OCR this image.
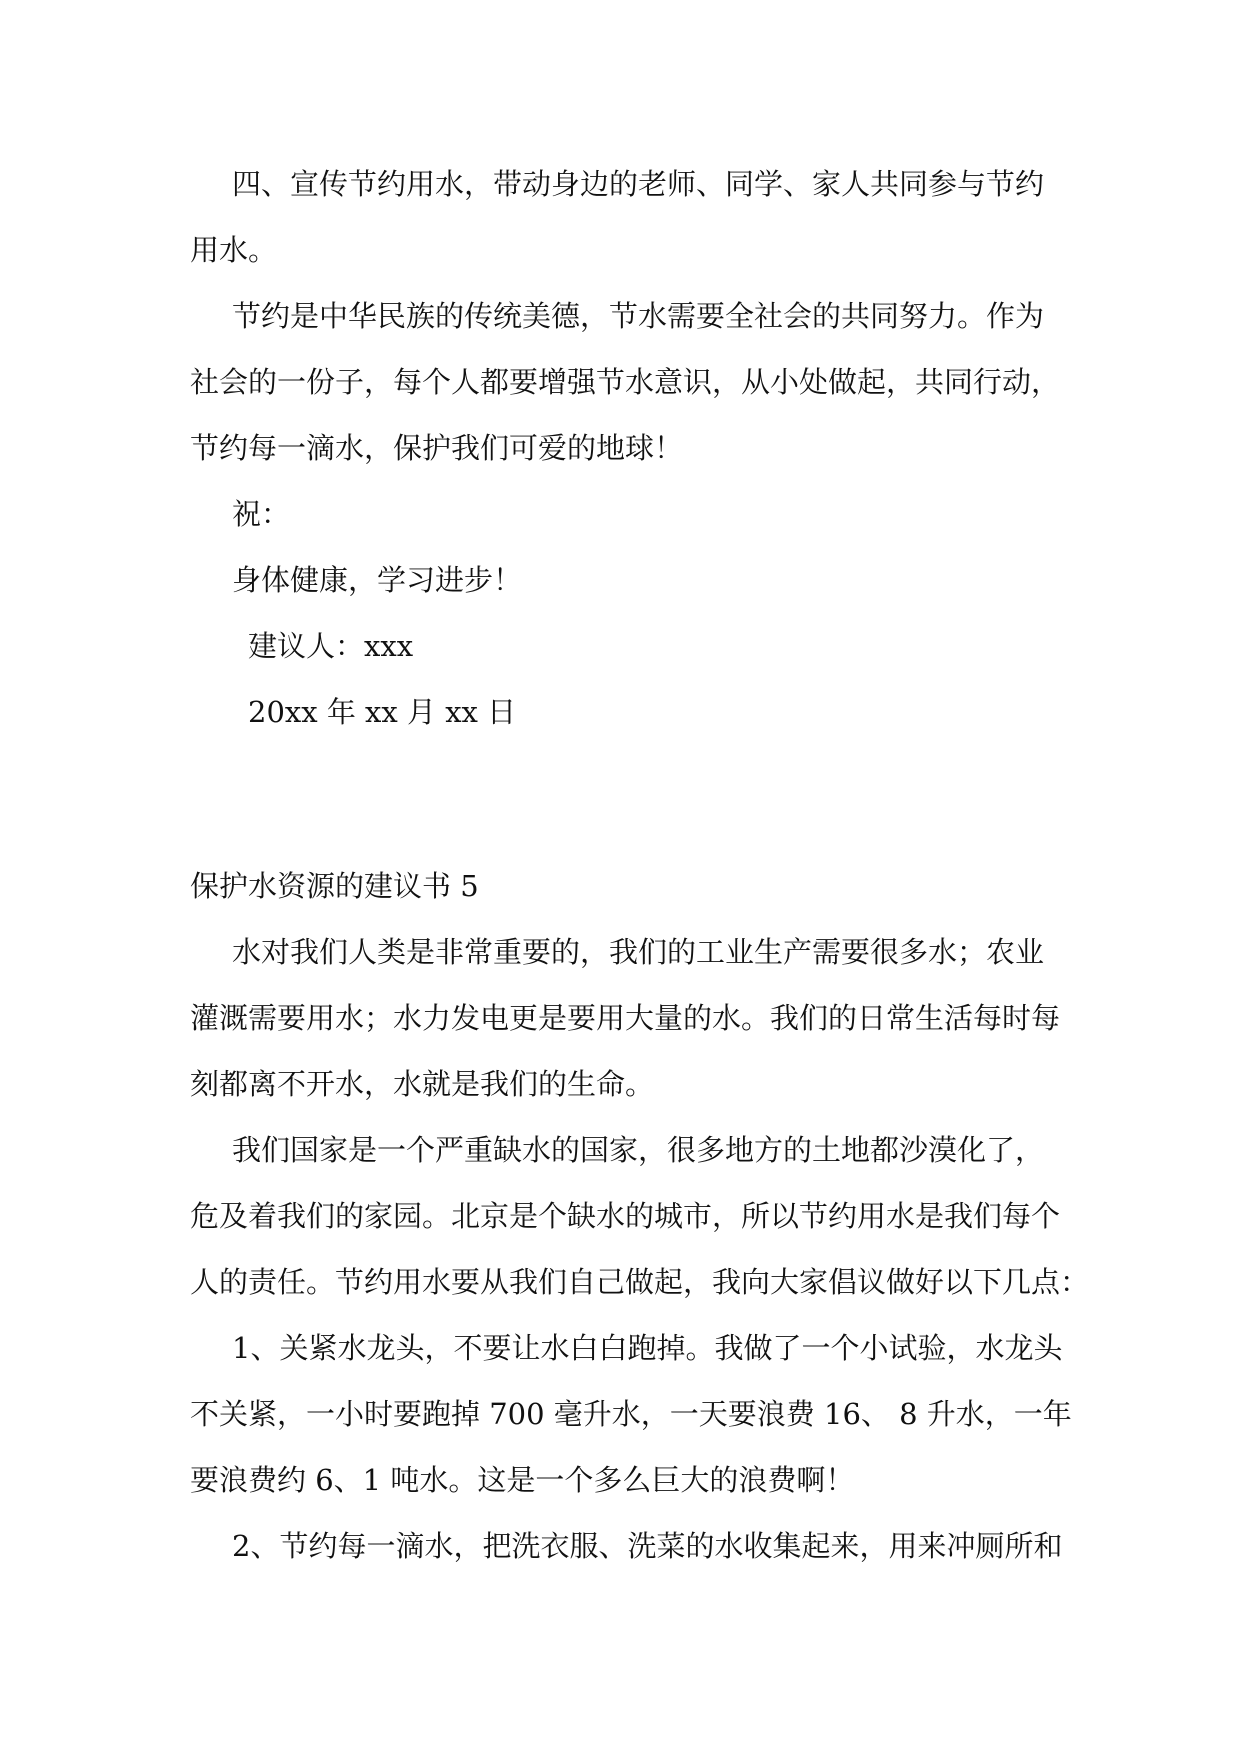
四、宣传节约用水，带动身边的老师、同学、家人共同参与节约
用水。
节约是中华民族的传统美德，节水需要全社会的共同努力。作为
社会的一份子，每个人都要增强节水意识，从小处做起，共同行动，
节约每一滴水，保护我们可爱的地球！
祝：
身体健康，学习进步！
建议人：xxx
20xx 年 xx 月 xx 日
保护水资源的建议书 5
水对我们人类是非常重要的，我们的工业生产需要很多水；农业
灌溉需要用水；水力发电更是要用大量的水。我们的日常生活每时每
刻都离不开水，水就是我们的生命。
我们国家是一个严重缺水的国家，很多地方的土地都沙漠化了，
危及着我们的家园。北京是个缺水的城市，所以节约用水是我们每个
人的责任。节约用水要从我们自己做起，我向大家倡议做好以下几点：
1、关紧水龙头，不要让水白白跑掉。我做了一个小试验，水龙头
不关紧，一小时要跑掉 700 毫升水，一天要浪费 16、 8 升水，一年
要浪费约 6、1 吨水。这是一个多么巨大的浪费啊！
2、节约每一滴水，把洗衣服、洗菜的水收集起来，用来冲厕所和
